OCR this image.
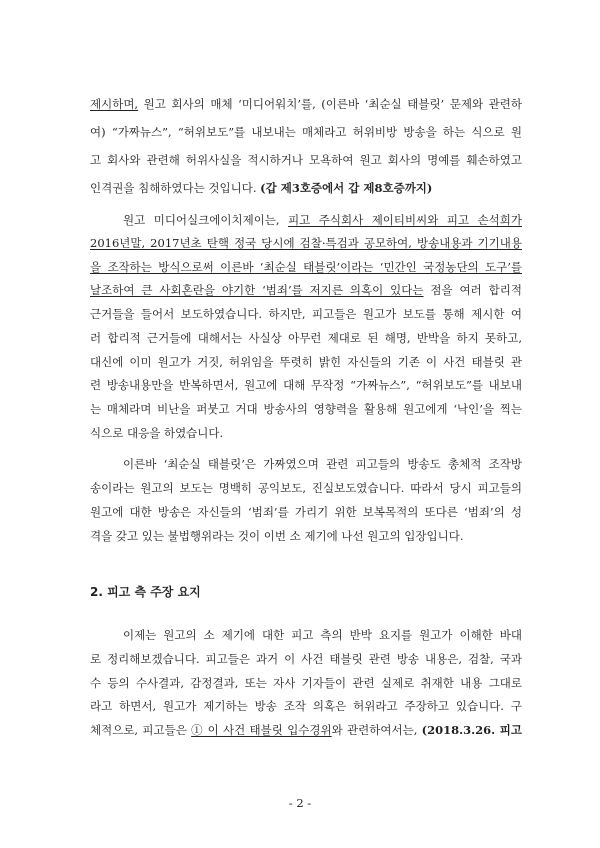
제시하며, 원고 회사의 매체 ‘미디어워치’를, (이른바 ‘최순실 태블릿’ 문제와 관련하
여) “가짜뉴스”, “허위보도”를 내보내는 매체라고 허위비방 방송을 하는 식으로 원
고 회사와 관련해 허위사실을 적시하거나 모욕하여 원고 회사의 명예를 훼손하였고
인격권을 침해하였다는 것입니다. (갑 제3호증에서 갑 제8호증까지)
원고 미디어실크에이치제이는, 피고 주식회사 제이티비씨와 피고 손석희가
2016년말, 2017년초 탄핵 정국 당시에 검찰·특검과 공모하여, 방송내용과 기기내용
을 조작하는 방식으로써 이른바 ‘최순실 태블릿’이라는 ‘민간인 국정농단의 도구’를
날조하여 큰 사회혼란을 야기한 ‘범죄’를 저지른 의혹이 있다는 점을 여러 합리적
근거들을 들어서 보도하였습니다. 하지만, 피고들은 원고가 보도를 통해 제시한 여
러 합리적 근거들에 대해서는 사실상 아무런 제대로 된 해명, 반박을 하지 못하고,
대신에 이미 원고가 거짓, 허위임을 뚜렷히 밝힌 자신들의 기존 이 사건 태블릿 관
련 방송내용만을 반복하면서, 원고에 대해 무작정 “가짜뉴스”, “허위보도”를 내보내
는 매체라며 비난을 퍼붓고 거대 방송사의 영향력을 활용해 원고에게 ‘낙인’을 찍는
식으로 대응을 하였습니다.
이른바 ‘최순실 태블릿’은 가짜였으며 관련 피고들의 방송도 총체적 조작방
송이라는 원고의 보도는 명백히 공익보도, 진실보도였습니다. 따라서 당시 피고들의
원고에 대한 방송은 자신들의 ‘범죄’를 가리기 위한 보복목적의 또다른 ‘범죄’의 성
격을 갖고 있는 불법행위라는 것이 이번 소 제기에 나선 원고의 입장입니다.
이제는 원고의 소 제기에 대한 피고 측의 반박 요지를 원고가 이해한 바대
로 정리해보겠습니다. 피고들은 과거 이 사건 태블릿 관련 방송 내용은, 검찰, 국과
수 등의 수사결과, 감정결과, 또는 자사 기자들이 관련 실제로 취재한 내용 그대로
라고 하면서, 원고가 제기하는 방송 조작 의혹은 허위라고 주장하고 있습니다. 구
체적으로, 피고들은 ① 이 사건 태블릿 입수경위와 관련하여서는, (2018.3.26. 피고
2. 피고 측 주장 요지
- 2 -
